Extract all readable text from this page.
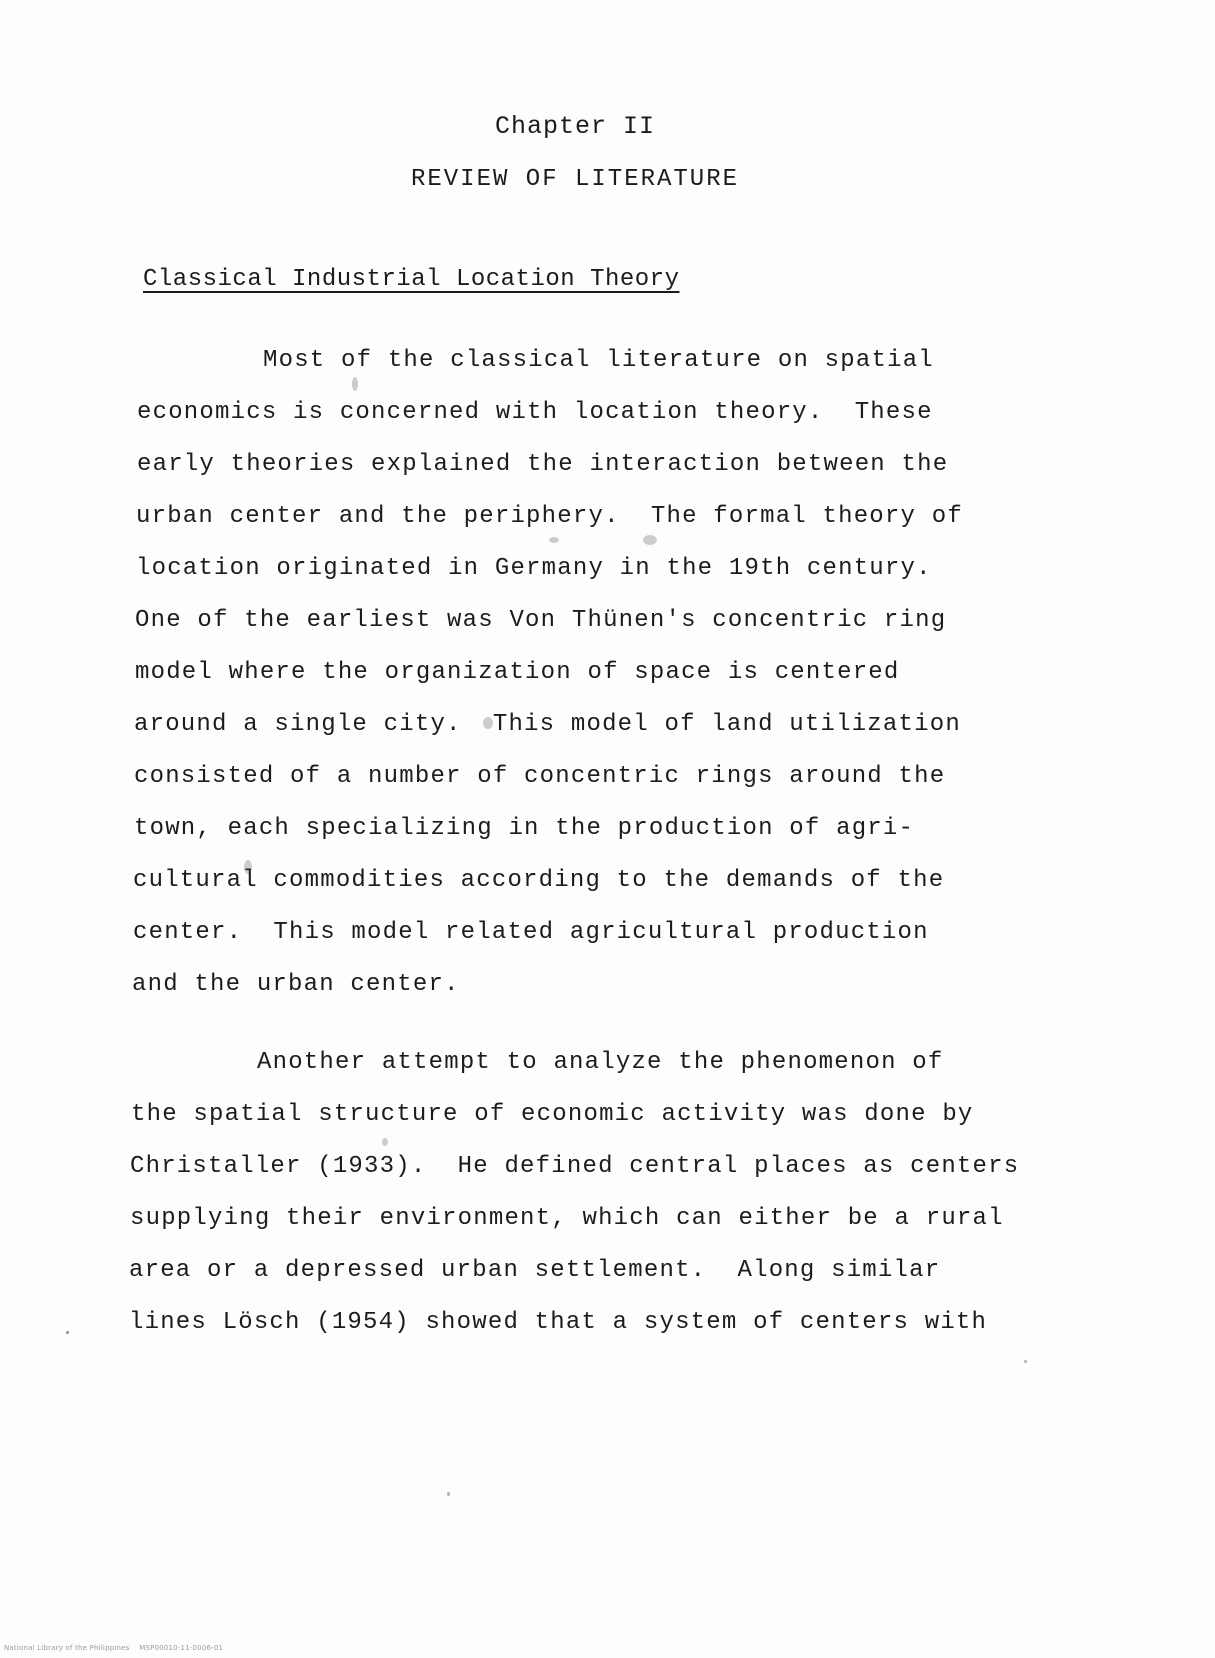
Chapter II
REVIEW OF LITERATURE
Classical Industrial Location Theory
Most of the classical literature on spatial
economics is concerned with location theory.  These
early theories explained the interaction between the
urban center and the periphery.  The formal theory of
location originated in Germany in the 19th century.
One of the earliest was Von Thünen's concentric ring
model where the organization of space is centered
around a single city.  This model of land utilization
consisted of a number of concentric rings around the
town, each specializing in the production of agri-
cultural commodities according to the demands of the
center.  This model related agricultural production
and the urban center.
Another attempt to analyze the phenomenon of
the spatial structure of economic activity was done by
Christaller (1933).  He defined central places as centers
supplying their environment, which can either be a rural
area or a depressed urban settlement.  Along similar
lines Lösch (1954) showed that a system of centers with
National Library of the Philippines    MSP00010-11-0006-01
